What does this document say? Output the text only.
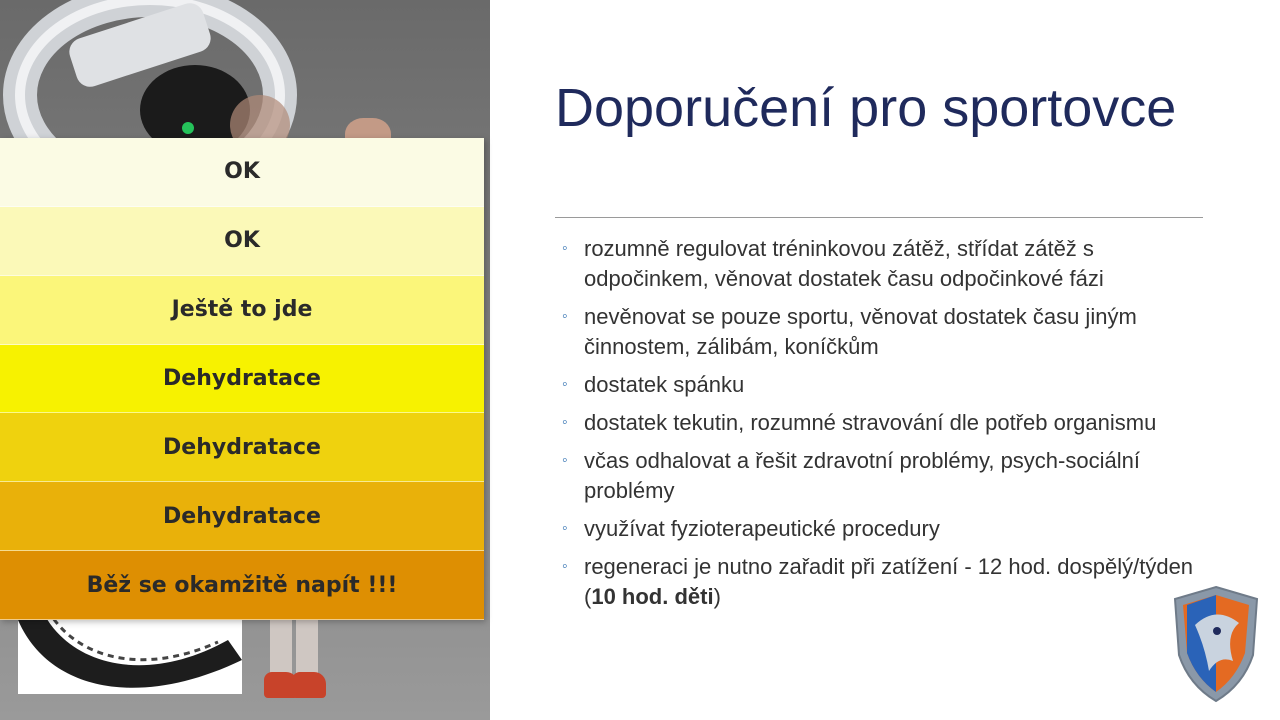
OK
OK
Ještě to jde
Dehydratace
Dehydratace
Dehydratace
Běž se okamžitě napít !!!
Doporučení pro sportovce
◦ rozumně regulovat tréninkovou zátěž, střídat zátěž s odpočinkem, věnovat dostatek času odpočinkové fázi
◦ nevěnovat se pouze sportu, věnovat dostatek času jiným činnostem, zálibám, koníčkům
◦ dostatek spánku
◦ dostatek tekutin, rozumné stravování dle potřeb organismu
◦ včas odhalovat a řešit zdravotní problémy, psych-sociální problémy
◦ využívat fyzioterapeutické procedury
◦ regeneraci je nutno zařadit při zatížení - 12 hod. dospělý/týden (10 hod. děti)
